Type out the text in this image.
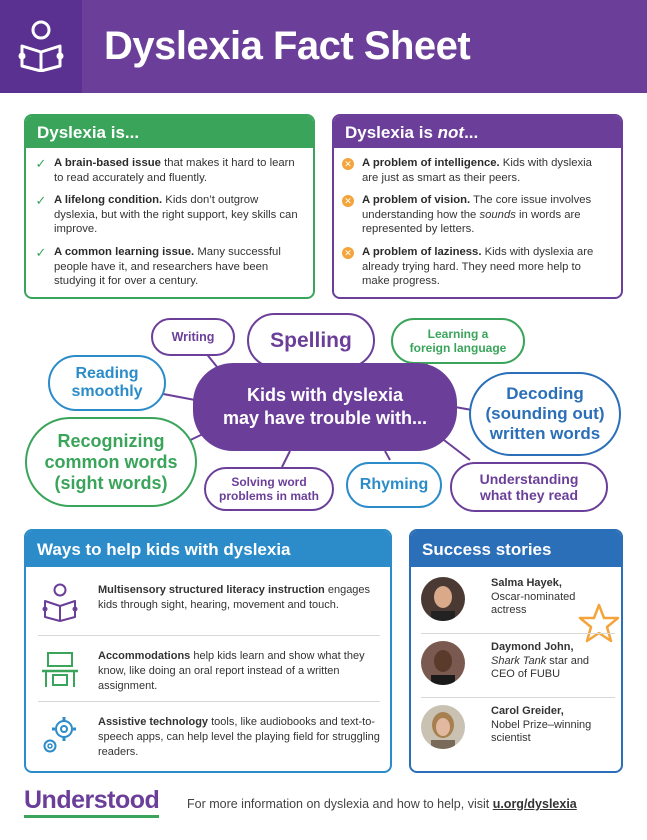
Dyslexia Fact Sheet
Dyslexia is...
✓ A brain-based issue that makes it hard to learn to read accurately and fluently.
✓ A lifelong condition. Kids don’t outgrow dyslexia, but with the right support, key skills can improve.
✓ A common learning issue. Many successful people have it, and researchers have been studying it for over a century.
Dyslexia is not...
✕ A problem of intelligence. Kids with dyslexia are just as smart as their peers.
✕ A problem of vision. The core issue involves understanding how the sounds in words are represented by letters.
✕ A problem of laziness. Kids with dyslexia are already trying hard. They need more help to make progress.
Writing	Spelling	Learning a
foreign language
Reading
smoothly	Kids with dyslexia
may have trouble with...
Decoding
(sounding out)
written words
Recognizing
common words
(sight words)	Solving word
problems in math
Rhyming	Understanding
what they read
Ways to help kids with dyslexia
Multisensory structured literacy instruction engages kids through sight, hearing, movement and touch.
Accommodations help kids learn and show what they know, like doing an oral report instead of a written assignment.
Assistive technology tools, like audiobooks and text-to-speech apps, can help level the playing field for struggling readers.
Success stories
Salma Hayek,
Oscar-nominated
actress
Daymond John,
Shark Tank star and
CEO of FUBU
Carol Greider,
Nobel Prize–winning
scientist
Understood For more information on dyslexia and how to help, visit u.org/dyslexia
